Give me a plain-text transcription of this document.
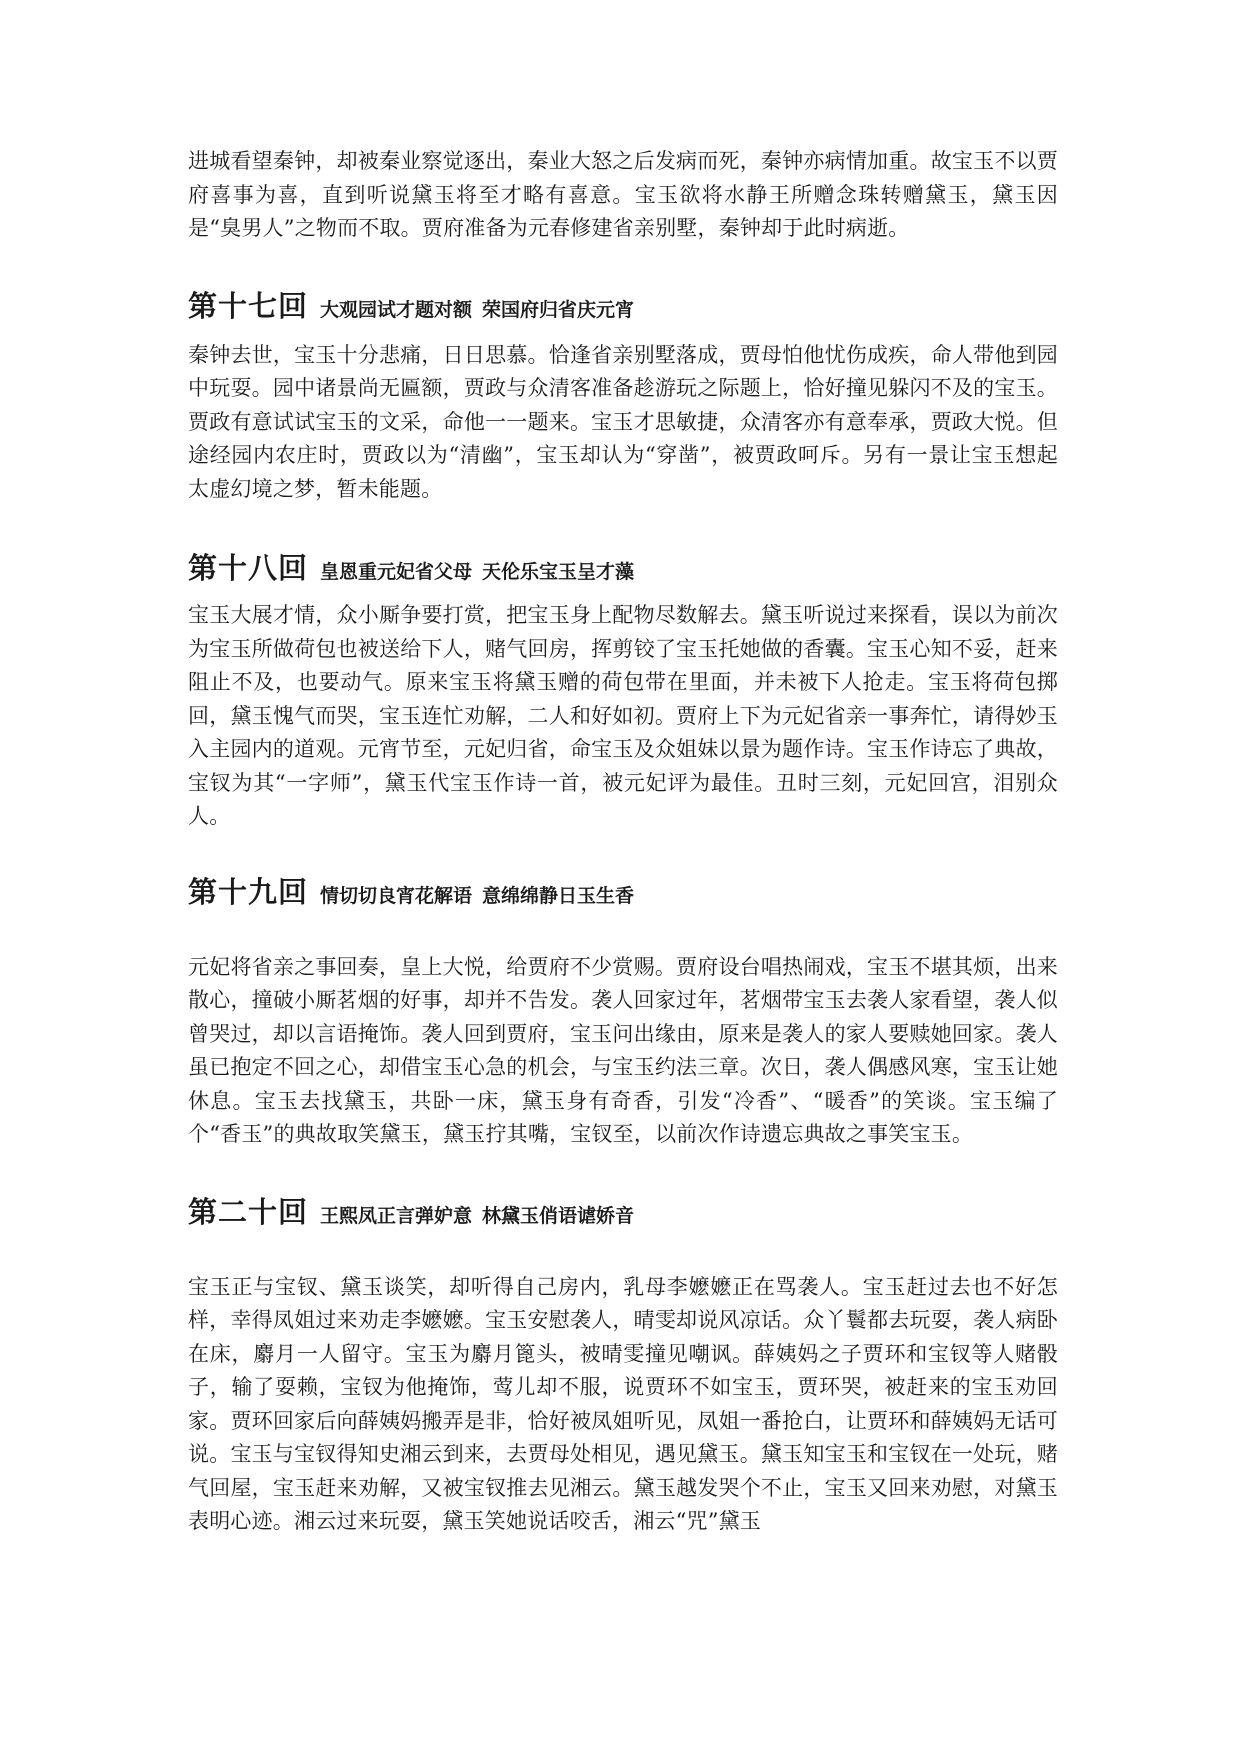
进城看望秦钟，却被秦业察觉逐出，秦业大怒之后发病而死，秦钟亦病情加重。故宝玉不以贾府喜事为喜，直到听说黛玉将至才略有喜意。宝玉欲将水静王所赠念珠转赠黛玉，黛玉因是“臭男人”之物而不取。贾府准备为元春修建省亲别墅，秦钟却于此时病逝。

第十七回 大观园试才题对额 荣国府归省庆元宵

秦钟去世，宝玉十分悲痛，日日思慕。恰逢省亲别墅落成，贾母怕他忧伤成疾，命人带他到园中玩耍。园中诸景尚无匾额，贾政与众清客准备趁游玩之际题上，恰好撞见躲闪不及的宝玉。贾政有意试试宝玉的文采，命他一一题来。宝玉才思敏捷，众清客亦有意奉承，贾政大悦。但途经园内农庄时，贾政以为“清幽”，宝玉却认为“穿凿”，被贾政呵斥。另有一景让宝玉想起太虚幻境之梦，暂未能题。

第十八回 皇恩重元妃省父母 天伦乐宝玉呈才藻

宝玉大展才情，众小厮争要打赏，把宝玉身上配物尽数解去。黛玉听说过来探看，误以为前次为宝玉所做荷包也被送给下人，赌气回房，挥剪铰了宝玉托她做的香囊。宝玉心知不妥，赶来阻止不及，也要动气。原来宝玉将黛玉赠的荷包带在里面，并未被下人抢走。宝玉将荷包掷回，黛玉愧气而哭，宝玉连忙劝解，二人和好如初。贾府上下为元妃省亲一事奔忙，请得妙玉入主园内的道观。元宵节至，元妃归省，命宝玉及众姐妹以景为题作诗。宝玉作诗忘了典故，宝钗为其“一字师”，黛玉代宝玉作诗一首，被元妃评为最佳。丑时三刻，元妃回宫，泪别众人。

第十九回 情切切良宵花解语 意绵绵静日玉生香

元妃将省亲之事回奏，皇上大悦，给贾府不少赏赐。贾府设台唱热闹戏，宝玉不堪其烦，出来散心，撞破小厮茗烟的好事，却并不告发。袭人回家过年，茗烟带宝玉去袭人家看望，袭人似曾哭过，却以言语掩饰。袭人回到贾府，宝玉问出缘由，原来是袭人的家人要赎她回家。袭人虽已抱定不回之心，却借宝玉心急的机会，与宝玉约法三章。次日，袭人偶感风寒，宝玉让她休息。宝玉去找黛玉，共卧一床，黛玉身有奇香，引发“冷香”、“暖香”的笑谈。宝玉编了个“香玉”的典故取笑黛玉，黛玉拧其嘴，宝钗至，以前次作诗遗忘典故之事笑宝玉。

第二十回 王熙凤正言弹妒意 林黛玉俏语谑娇音

宝玉正与宝钗、黛玉谈笑，却听得自己房内，乳母李嬷嬷正在骂袭人。宝玉赶过去也不好怎样，幸得凤姐过来劝走李嬷嬷。宝玉安慰袭人，晴雯却说风凉话。众丫鬟都去玩耍，袭人病卧在床，麝月一人留守。宝玉为麝月篦头，被晴雯撞见嘲讽。薛姨妈之子贾环和宝钗等人赌骰子，输了耍赖，宝钗为他掩饰，莺儿却不服，说贾环不如宝玉，贾环哭，被赶来的宝玉劝回家。贾环回家后向薛姨妈搬弄是非，恰好被凤姐听见，凤姐一番抢白，让贾环和薛姨妈无话可说。宝玉与宝钗得知史湘云到来，去贾母处相见，遇见黛玉。黛玉知宝玉和宝钗在一处玩，赌气回屋，宝玉赶来劝解，又被宝钗推去见湘云。黛玉越发哭个不止，宝玉又回来劝慰，对黛玉表明心迹。湘云过来玩耍，黛玉笑她说话咬舌，湘云“咒”黛玉
